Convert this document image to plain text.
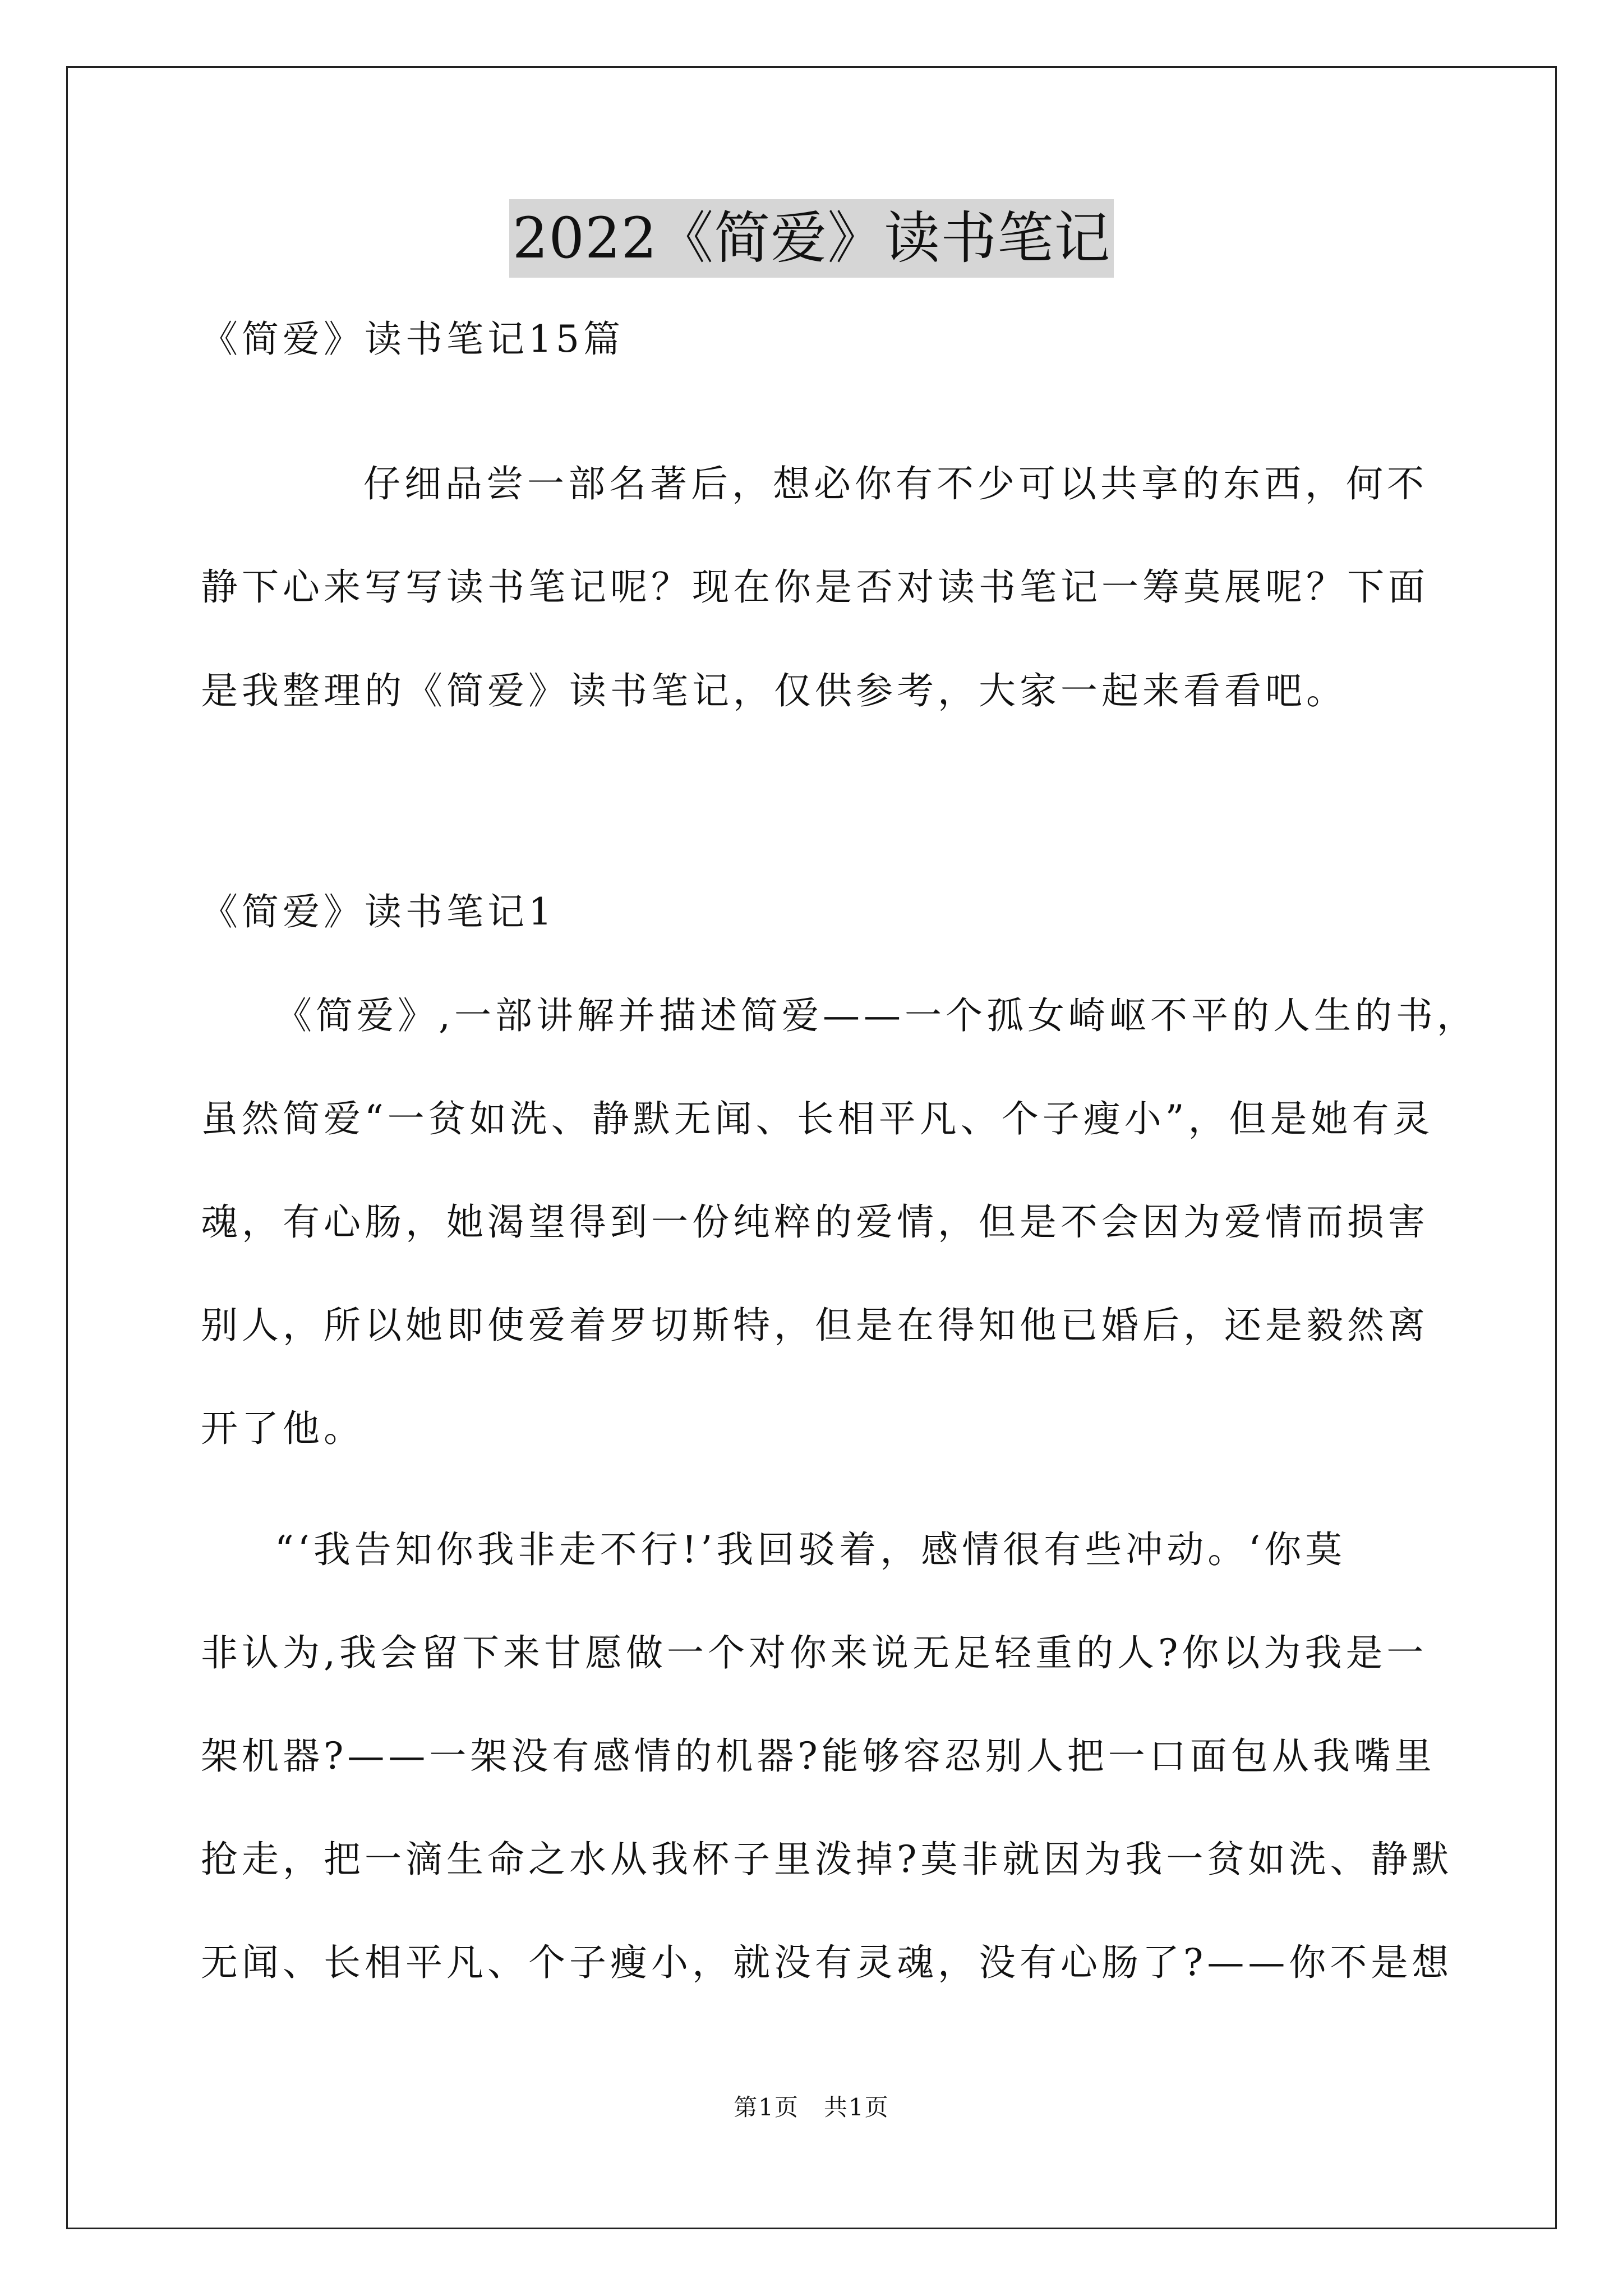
2022《简爱》读书笔记
《简爱》读书笔记15篇
仔细品尝一部名著后，想必你有不少可以共享的东西，何不
静下心来写写读书笔记呢？现在你是否对读书笔记一筹莫展呢？下面
是我整理的《简爱》读书笔记，仅供参考，大家一起来看看吧。
《简爱》读书笔记1
《简爱》,一部讲解并描述简爱——一个孤女崎岖不平的人生的书，
虽然简爱“一贫如洗、静默无闻、长相平凡、个子瘦小”，但是她有灵
魂，有心肠，她渴望得到一份纯粹的爱情，但是不会因为爱情而损害
别人，所以她即使爱着罗切斯特，但是在得知他已婚后，还是毅然离
开了他。
“‘我告知你我非走不行!’我回驳着，感情很有些冲动。‘你莫
非认为,我会留下来甘愿做一个对你来说无足轻重的人?你以为我是一
架机器?——一架没有感情的机器?能够容忍别人把一口面包从我嘴里
抢走，把一滴生命之水从我杯子里泼掉?莫非就因为我一贫如洗、静默
无闻、长相平凡、个子瘦小，就没有灵魂，没有心肠了?——你不是想
第1页　共1页
